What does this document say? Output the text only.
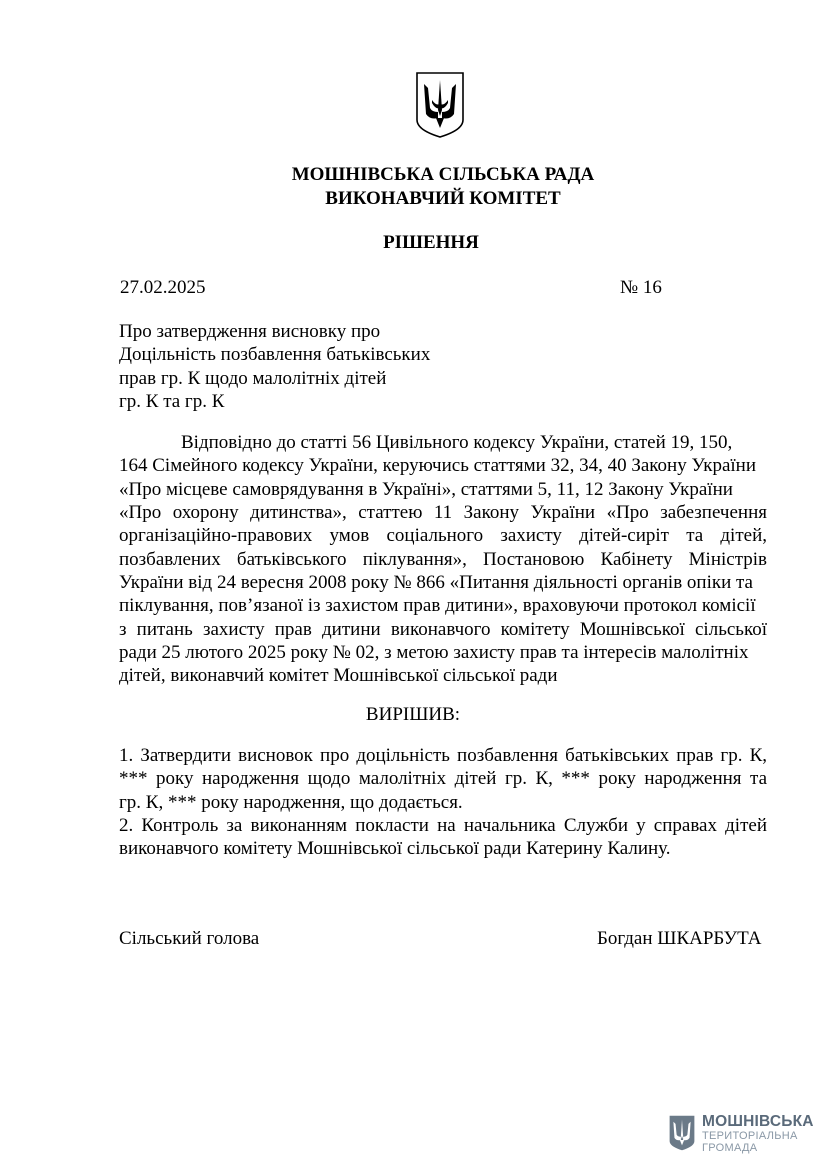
МОШНІВСЬКА СІЛЬСЬКА РАДА
ВИКОНАВЧИЙ КОМІТЕТ
РІШЕННЯ
27.02.2025	№ 16
Про затвердження висновку про
Доцільність позбавлення батьківських
прав гр. К щодо малолітніх дітей
гр. К та гр. К
Відповідно до статті 56 Цивільного кодексу України, статей 19, 150,
164 Сімейного кодексу України, керуючись статтями 32, 34, 40 Закону України
«Про місцеве самоврядування в Україні», статтями 5, 11, 12 Закону України
«Про охорону дитинства», статтею 11 Закону України «Про забезпечення
організаційно-правових умов соціального захисту дітей-сиріт та дітей,
позбавлених батьківського піклування», Постановою Кабінету Міністрів
України від 24 вересня 2008 року № 866 «Питання діяльності органів опіки та
піклування, пов’язаної із захистом прав дитини», враховуючи протокол комісії
з питань захисту прав дитини виконавчого комітету Мошнівської сільської
ради 25 лютого 2025 року № 02, з метою захисту прав та інтересів малолітніх
дітей, виконавчий комітет Мошнівської сільської ради
ВИРІШИВ:
1. Затвердити висновок про доцільність позбавлення батьківських прав гр. К,
*** року народження щодо малолітніх дітей гр. К, *** року народження та
гр. К, *** року народження, що додається.
2. Контроль за виконанням покласти на начальника Служби у справах дітей
виконавчого комітету Мошнівської сільської ради Катерину Калину.
Сільський голова	Богдан ШКАРБУТА
МОШНІВСЬКА
ТЕРИТОРІАЛЬНА
ГРОМАДА
